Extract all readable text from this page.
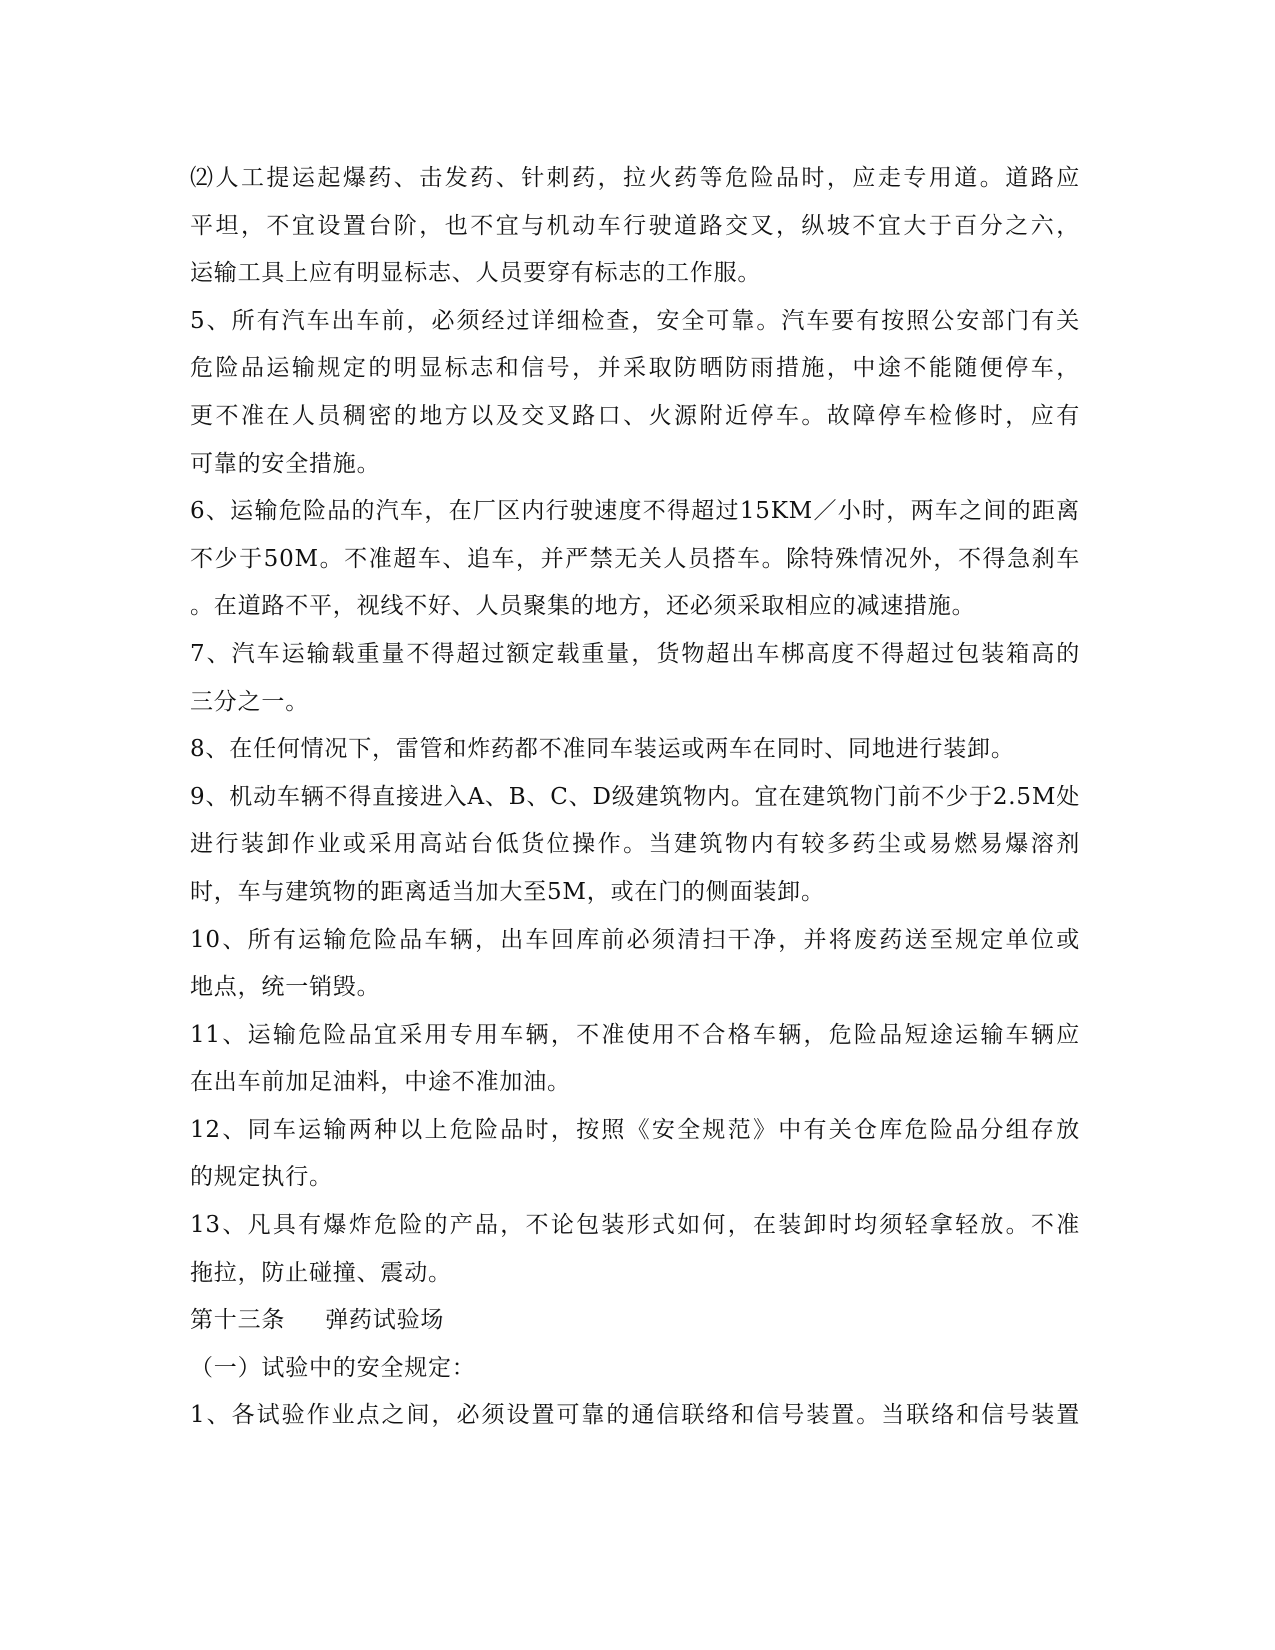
⑵人工提运起爆药、击发药、针刺药，拉火药等危险品时，应走专用道。道路应
平坦，不宜设置台阶，也不宜与机动车行驶道路交叉，纵坡不宜大于百分之六，
运输工具上应有明显标志、人员要穿有标志的工作服。
5、所有汽车出车前，必须经过详细检查，安全可靠。汽车要有按照公安部门有关
危险品运输规定的明显标志和信号，并采取防晒防雨措施，中途不能随便停车，
更不准在人员稠密的地方以及交叉路口、火源附近停车。故障停车检修时，应有
可靠的安全措施。
6、运输危险品的汽车，在厂区内行驶速度不得超过15KM／小时，两车之间的距离
不少于50M。不准超车、追车，并严禁无关人员搭车。除特殊情况外，不得急刹车
。在道路不平，视线不好、人员聚集的地方，还必须采取相应的减速措施。
7、汽车运输载重量不得超过额定载重量，货物超出车梆高度不得超过包装箱高的
三分之一。
8、在任何情况下，雷管和炸药都不准同车装运或两车在同时、同地进行装卸。
9、机动车辆不得直接进入A、B、C、D级建筑物内。宜在建筑物门前不少于2.5M处
进行装卸作业或采用高站台低货位操作。当建筑物内有较多药尘或易燃易爆溶剂
时，车与建筑物的距离适当加大至5M，或在门的侧面装卸。
10、所有运输危险品车辆，出车回库前必须清扫干净，并将废药送至规定单位或
地点，统一销毁。
11、运输危险品宜采用专用车辆，不准使用不合格车辆，危险品短途运输车辆应
在出车前加足油料，中途不准加油。
12、同车运输两种以上危险品时，按照《安全规范》中有关仓库危险品分组存放
的规定执行。
13、凡具有爆炸危险的产品，不论包装形式如何，在装卸时均须轻拿轻放。不准
拖拉，防止碰撞、震动。
第十三条 弹药试验场
（一）试验中的安全规定：
1、各试验作业点之间，必须设置可靠的通信联络和信号装置。当联络和信号装置
